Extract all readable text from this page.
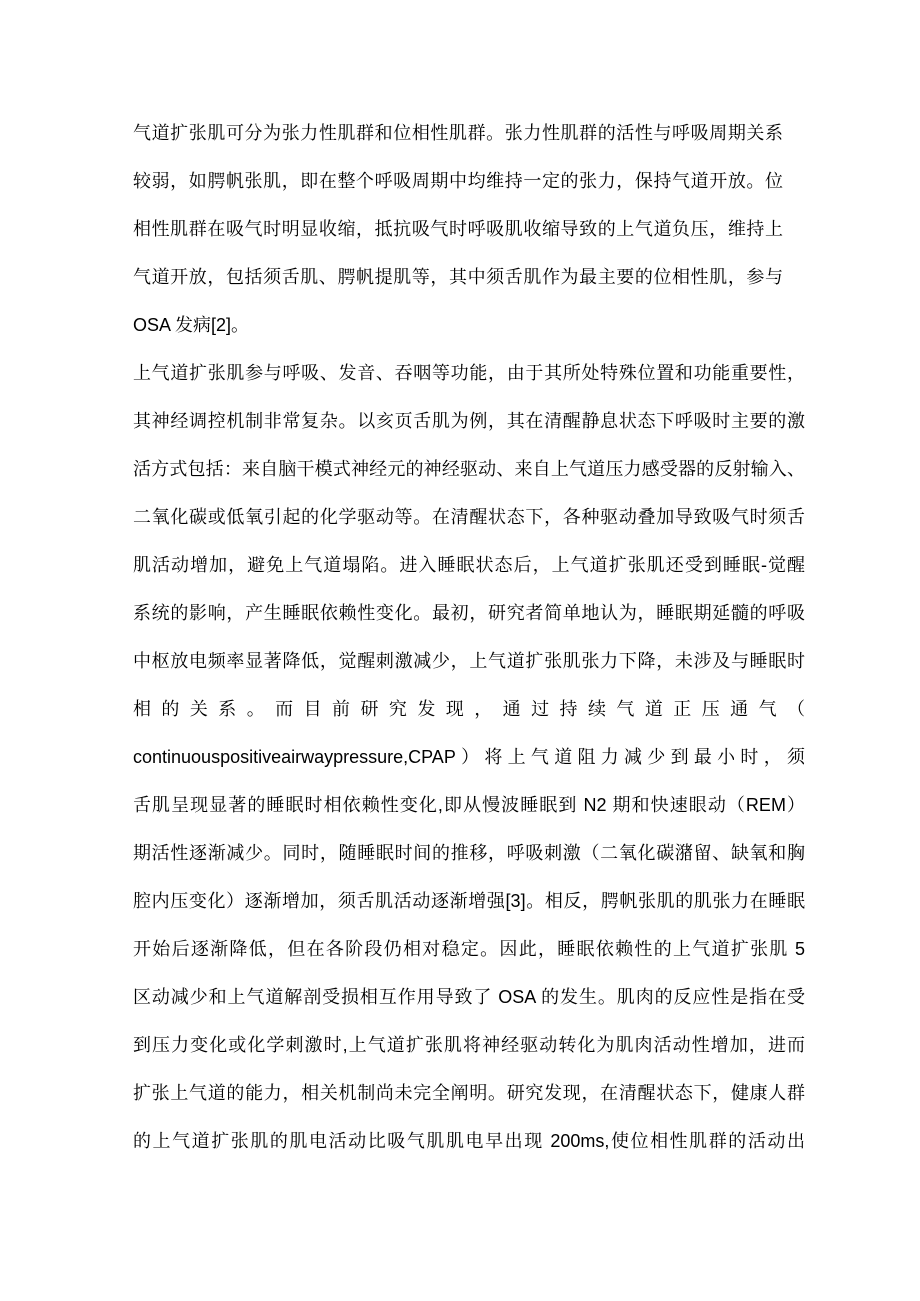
气道扩张肌可分为张力性肌群和位相性肌群。张力性肌群的活性与呼吸周期关系
较弱，如腭帆张肌，即在整个呼吸周期中均维持一定的张力，保持气道开放。位
相性肌群在吸气时明显收缩，抵抗吸气时呼吸肌收缩导致的上气道负压，维持上
气道开放，包括须舌肌、腭帆提肌等，其中须舌肌作为最主要的位相性肌，参与
OSA 发病[2]。
上气道扩张肌参与呼吸、发音、吞咽等功能，由于其所处特殊位置和功能重要性，
其神经调控机制非常复杂。以亥页舌肌为例，其在清醒静息状态下呼吸时主要的激
活方式包括：来自脑干模式神经元的神经驱动、来自上气道压力感受器的反射输入、
二氧化碳或低氧引起的化学驱动等。在清醒状态下，各种驱动叠加导致吸气时须舌
肌活动增加，避免上气道塌陷。进入睡眠状态后，上气道扩张肌还受到睡眠-觉醒
系统的影响，产生睡眠依赖性变化。最初，研究者简单地认为，睡眠期延髓的呼吸
中枢放电频率显著降低，觉醒刺激减少，上气道扩张肌张力下降，未涉及与睡眠时
相的关系。而目前研究发现，通过持续气道正压通气（
continuouspositiveairwaypressure,CPAP）将上气道阻力减少到最小时，须
舌肌呈现显著的睡眠时相依赖性变化,即从慢波睡眠到 N2 期和快速眼动（REM）
期活性逐渐减少。同时，随睡眠时间的推移，呼吸刺激（二氧化碳潴留、缺氧和胸
腔内压变化）逐渐增加，须舌肌活动逐渐增强[3]。相反，腭帆张肌的肌张力在睡眠
开始后逐渐降低，但在各阶段仍相对稳定。因此，睡眠依赖性的上气道扩张肌 5
区动减少和上气道解剖受损相互作用导致了 OSA 的发生。肌肉的反应性是指在受
到压力变化或化学刺激时,上气道扩张肌将神经驱动转化为肌肉活动性增加，进而
扩张上气道的能力，相关机制尚未完全阐明。研究发现，在清醒状态下，健康人群
的上气道扩张肌的肌电活动比吸气肌肌电早出现 200ms,使位相性肌群的活动出
